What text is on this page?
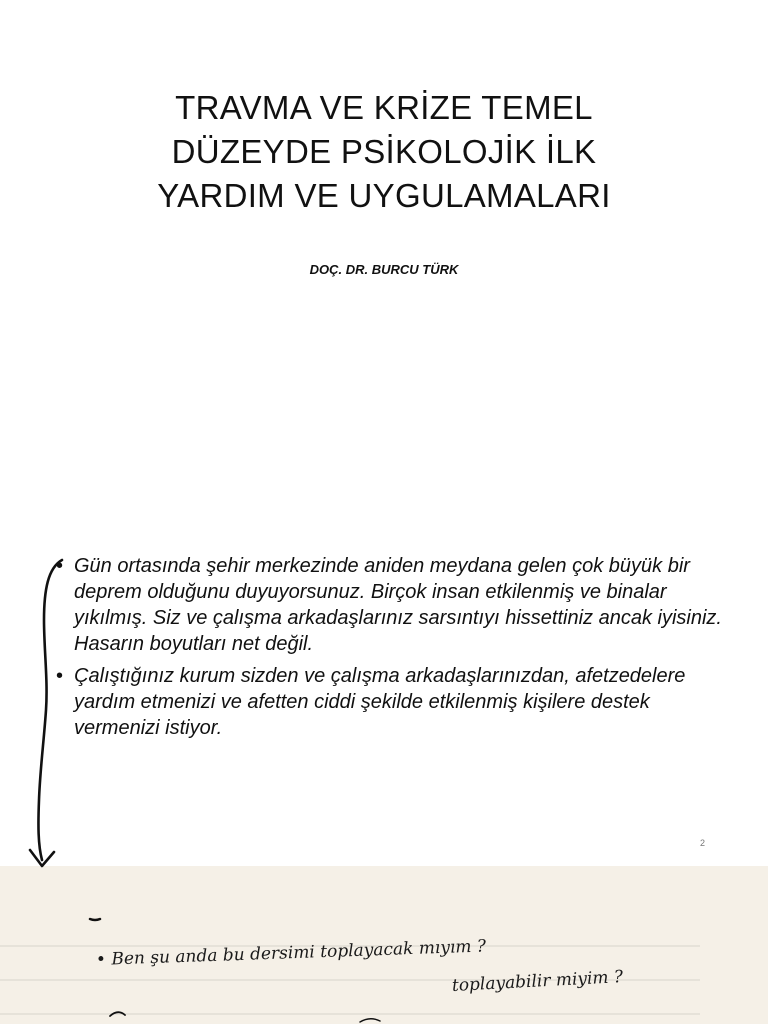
TRAVMA VE KRİZE TEMEL
DÜZEYDE PSİKOLOJİK İLK
YARDIM VE UYGULAMALARI
DOÇ. DR. BURCU TÜRK
• Gün ortasında şehir merkezinde aniden meydana gelen çok büyük bir deprem olduğunu duyuyorsunuz. Birçok insan etkilenmiş ve binalar yıkılmış. Siz ve çalışma arkadaşlarınız sarsıntıyı hissettiniz ancak iyisiniz. Hasarın boyutları net değil.
• Çalıştığınız kurum sizden ve çalışma arkadaşlarınızdan, afetzedelere yardım etmenizi ve afetten ciddi şekilde etkilenmiş kişilere destek vermenizi istiyor.
2
• Ben şu anda bu dersimi toplayacak mıyım ?
toplayabilir miyim ?
